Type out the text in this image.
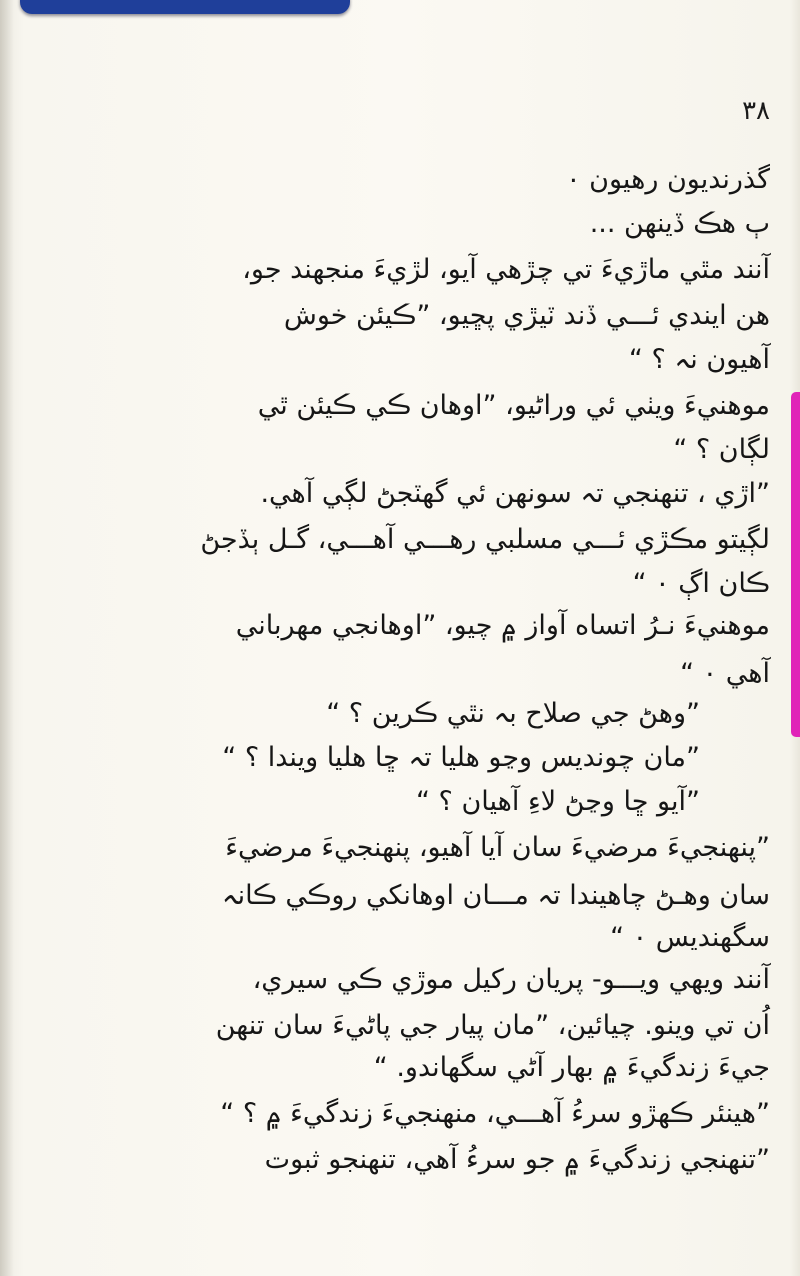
۳۸
گذرنديون رهيون ٠
ٻ هڪ ڏينهن ...
آنند مٿي ماڙيءَ تي چڙهي آيو، لڙيءَ منجهند جو،
هن ايندي ئـــي ڏند ٽيڙي پڇيو، ”ڪيئن خوش
آهيون نہ ؟ “
موهنيءَ ويٺي ئي وراڻيو، ”اوهان ڪي ڪيئن ٿي
لڳان ؟ “
”اڙي ، تنهنجي تہ سونهن ئي گهٽجڻ لڳي آهي.
لڳيتو مڪڙي ئـــي مسلبي رهـــي آهـــي، گـل ٻڏجڻ
ڪان اڳ ٠ “
موهنيءَ نـرُ اتساه آواز ۾ چيو، ”اوهانجي مهرباني
آهي ٠ “
”وهڻ جي صلاح بہ نٿي ڪرين ؟ “
”مان چوندي‍س وڃو هليا تہ ڇا هليا ويندا ؟ “
”آيو ڇا وڃڻ لاءِ آهيان ؟ “
”پنهنجيءَ مرضيءَ سان آيا آهيو، پنهنجيءَ مرضيءَ
سان وهـڻ چاهيندا تہ مـــان اوهانکي روڪي ڪانہ
سگهنديس ٠ “
آنند ويهي ويـــو- پريان رکيل موڙي ڪي سيري،
اُن تي وينو. چيائين، ”مان پيار جي پاڻيءَ سان تنهن
جيءَ زندگيءَ ۾ بهار آڻي سگهاندو. “
”هينئر ڪهڙو سرءُ آهـــي، منهنجيءَ زندگيءَ ۾ ؟ “
”تنهنجي زندگيءَ ۾ جو سرءُ آهي، تنهنجو ثبوت
